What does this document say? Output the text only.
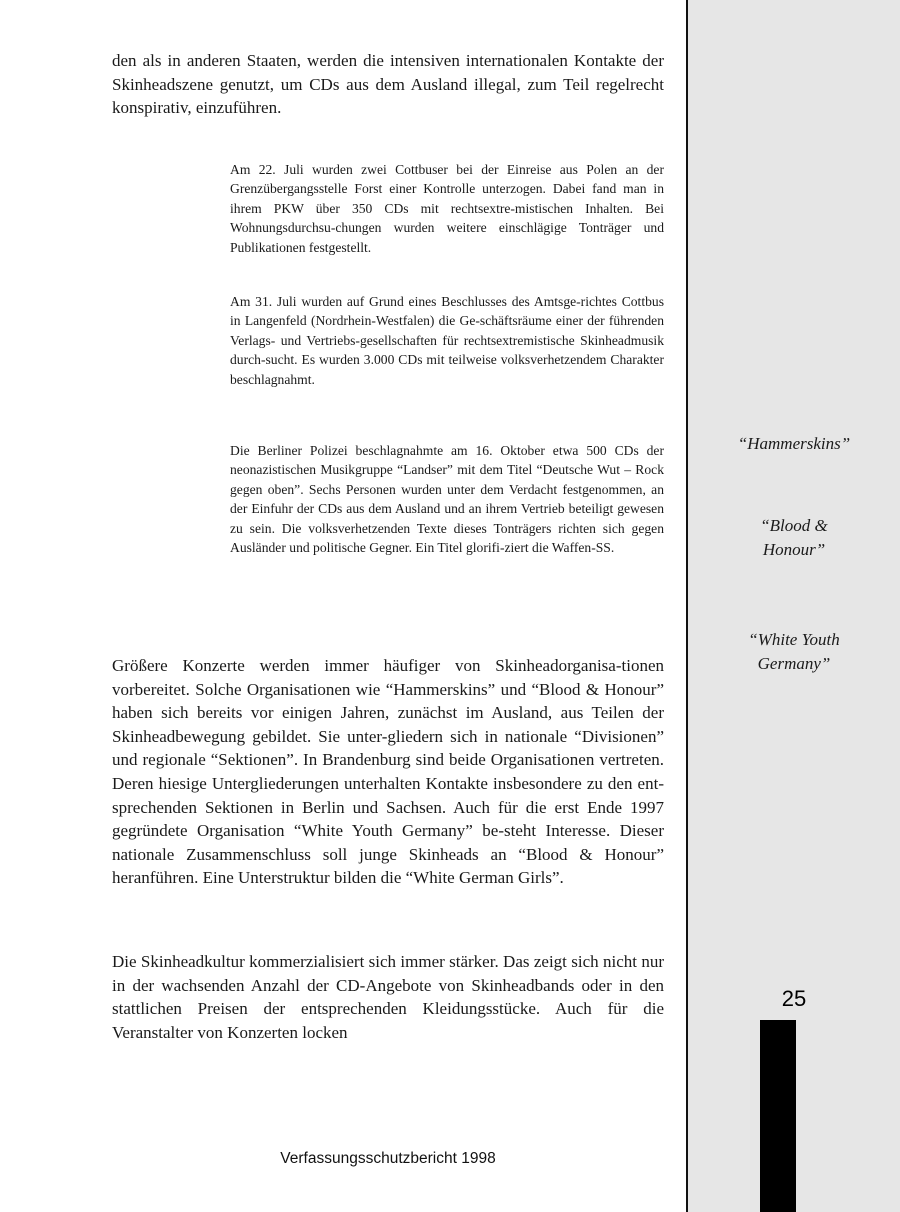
den als in anderen Staaten, werden die intensiven internationalen Kontakte der Skinheadszene genutzt, um CDs aus dem Ausland illegal, zum Teil regelrecht konspirativ, einzuführen.
Am 22. Juli wurden zwei Cottbuser bei der Einreise aus Polen an der Grenzübergangsstelle Forst einer Kontrolle unterzogen. Dabei fand man in ihrem PKW über 350 CDs mit rechtsextre-mistischen Inhalten. Bei Wohnungsdurchsu-chungen wurden weitere einschlägige Tonträger und Publikationen festgestellt.
Am 31. Juli wurden auf Grund eines Beschlusses des Amtsge-richtes Cottbus in Langenfeld (Nordrhein-Westfalen) die Ge-schäftsräume einer der führenden Verlags- und Vertriebs-gesellschaften für rechtsextremistische Skinheadmusik durch-sucht. Es wurden 3.000 CDs mit teilweise volksverhetzendem Charakter beschlagnahmt.
Die Berliner Polizei beschlagnahmte am 16. Oktober etwa 500 CDs der neonazistischen Musikgruppe “Landser” mit dem Titel “Deutsche Wut – Rock gegen oben”. Sechs Personen wurden unter dem Verdacht festgenommen, an der Einfuhr der CDs aus dem Ausland und an ihrem Vertrieb beteiligt gewesen zu sein. Die volksverhetzenden Texte dieses Tonträgers richten sich gegen Ausländer und politische Gegner. Ein Titel glorifi-ziert die Waffen-SS.
Größere Konzerte werden immer häufiger von Skinheadorganisa-tionen vorbereitet. Solche Organisationen wie “Hammerskins” und “Blood & Honour” haben sich bereits vor einigen Jahren, zunächst im Ausland, aus Teilen der Skinheadbewegung gebildet. Sie unter-gliedern sich in nationale “Divisionen” und regionale “Sektionen”. In Brandenburg sind beide Organisationen vertreten. Deren hiesige Untergliederungen unterhalten Kontakte insbesondere zu den ent-sprechenden Sektionen in Berlin und Sachsen. Auch für die erst Ende 1997 gegründete Organisation “White Youth Germany” be-steht Interesse. Dieser nationale Zusammenschluss soll junge Skinheads an “Blood & Honour” heranführen. Eine Unterstruktur bilden die “White German Girls”.
Die Skinheadkultur kommerzialisiert sich immer stärker. Das zeigt sich nicht nur in der wachsenden Anzahl der CD-Angebote von Skinheadbands oder in den stattlichen Preisen der entsprechenden Kleidungsstücke. Auch für die Veranstalter von Konzerten locken
Verfassungsschutzbericht 1998
“Hammerskins”
“Blood & Honour”
“White Youth Germany”
25
